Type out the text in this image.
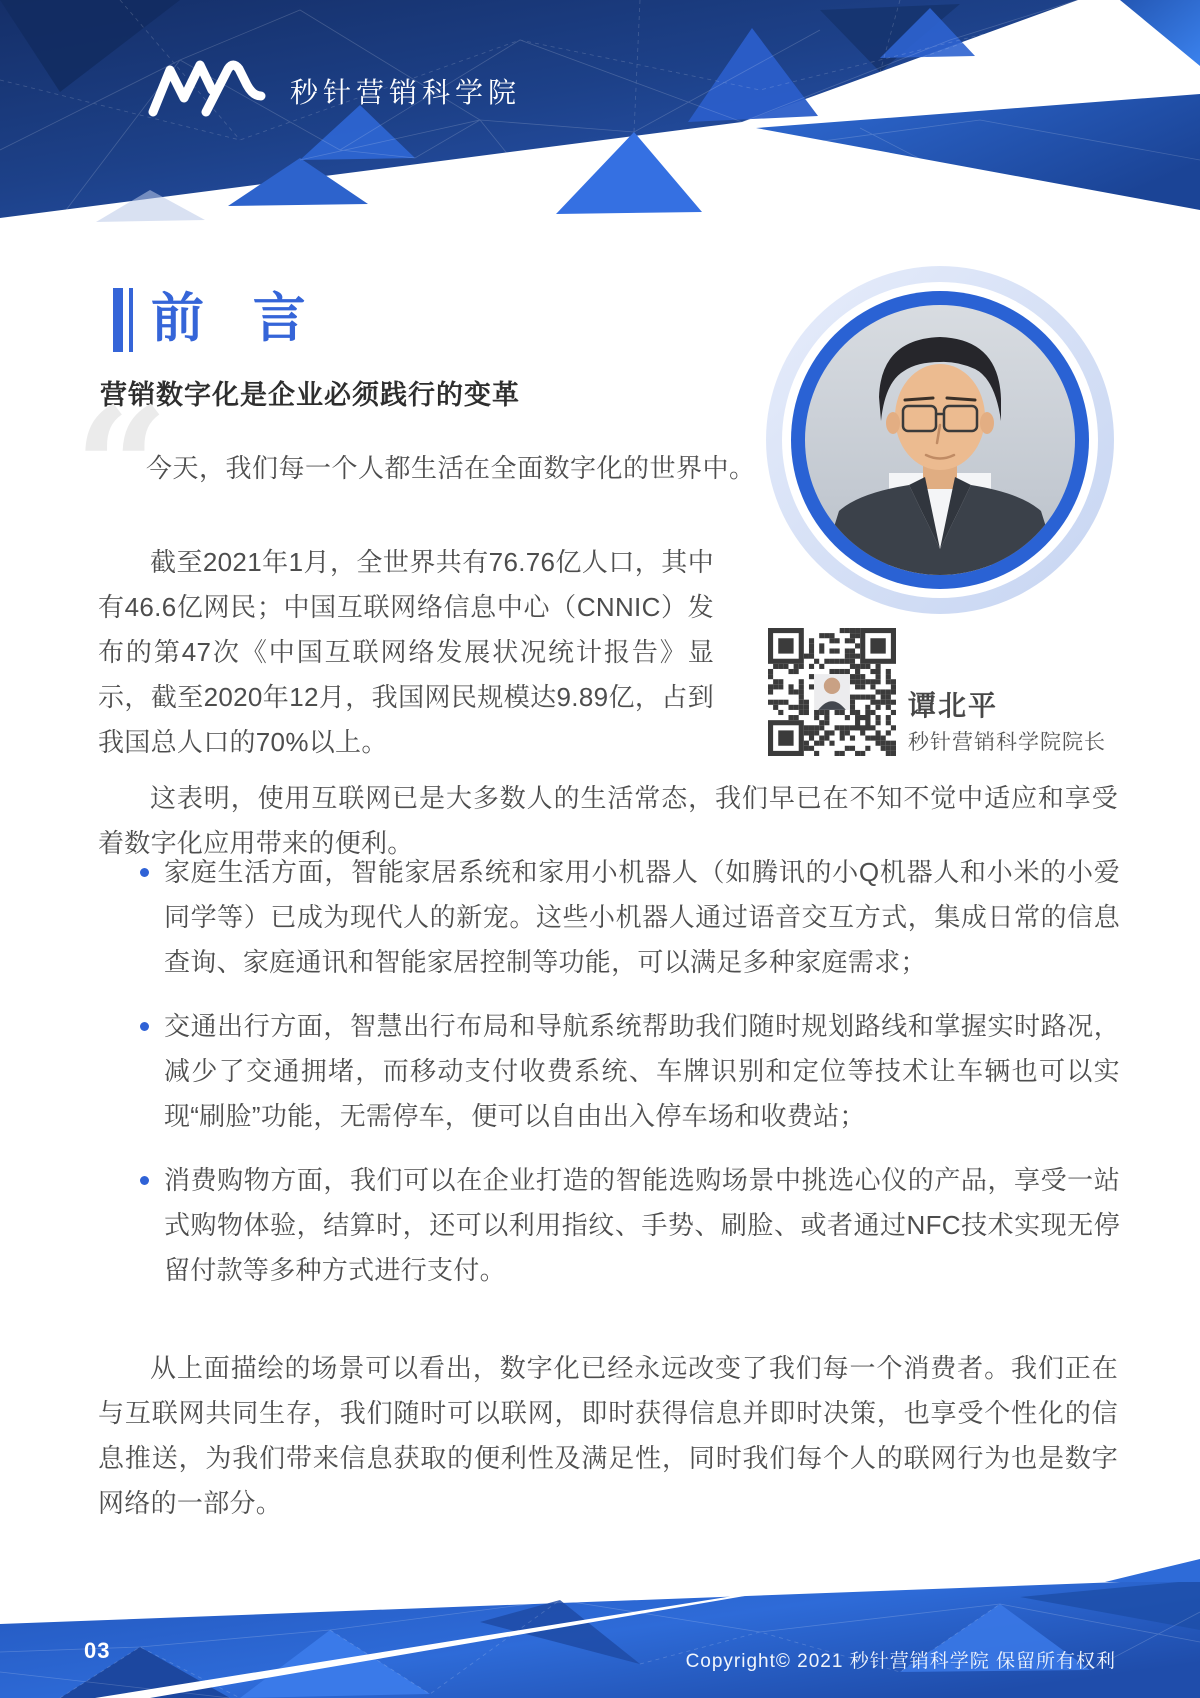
秒针营销科学院
前 言
营销数字化是企业必须践行的变革
“
今天，我们每一个人都生活在全面数字化的世界中。

截至2021年1月，全世界共有76.76亿人口，其中有46.6亿网民；中国互联网络信息中心（CNNIC）发布的第47次《中国互联网络发展状况统计报告》显示，截至2020年12月，我国网民规模达9.89亿，占到我国总人口的70%以上。

这表明，使用互联网已是大多数人的生活常态，我们早已在不知不觉中适应和享受着数字化应用带来的便利。

家庭生活方面，智能家居系统和家用小机器人（如腾讯的小Q机器人和小米的小爱同学等）已成为现代人的新宠。这些小机器人通过语音交互方式，集成日常的信息查询、家庭通讯和智能家居控制等功能，可以满足多种家庭需求；
交通出行方面，智慧出行布局和导航系统帮助我们随时规划路线和掌握实时路况，减少了交通拥堵，而移动支付收费系统、车牌识别和定位等技术让车辆也可以实现“刷脸”功能，无需停车，便可以自由出入停车场和收费站；
消费购物方面，我们可以在企业打造的智能选购场景中挑选心仪的产品，享受一站式购物体验，结算时，还可以利用指纹、手势、刷脸、或者通过NFC技术实现无停留付款等多种方式进行支付。

从上面描绘的场景可以看出，数字化已经永远改变了我们每一个消费者。我们正在与互联网共同生存，我们随时可以联网，即时获得信息并即时决策，也享受个性化的信息推送，为我们带来信息获取的便利性及满足性，同时我们每个人的联网行为也是数字网络的一部分。

谭北平
秒针营销科学院院长
03	Copyright© 2021 秒针营销科学院 保留所有权利
